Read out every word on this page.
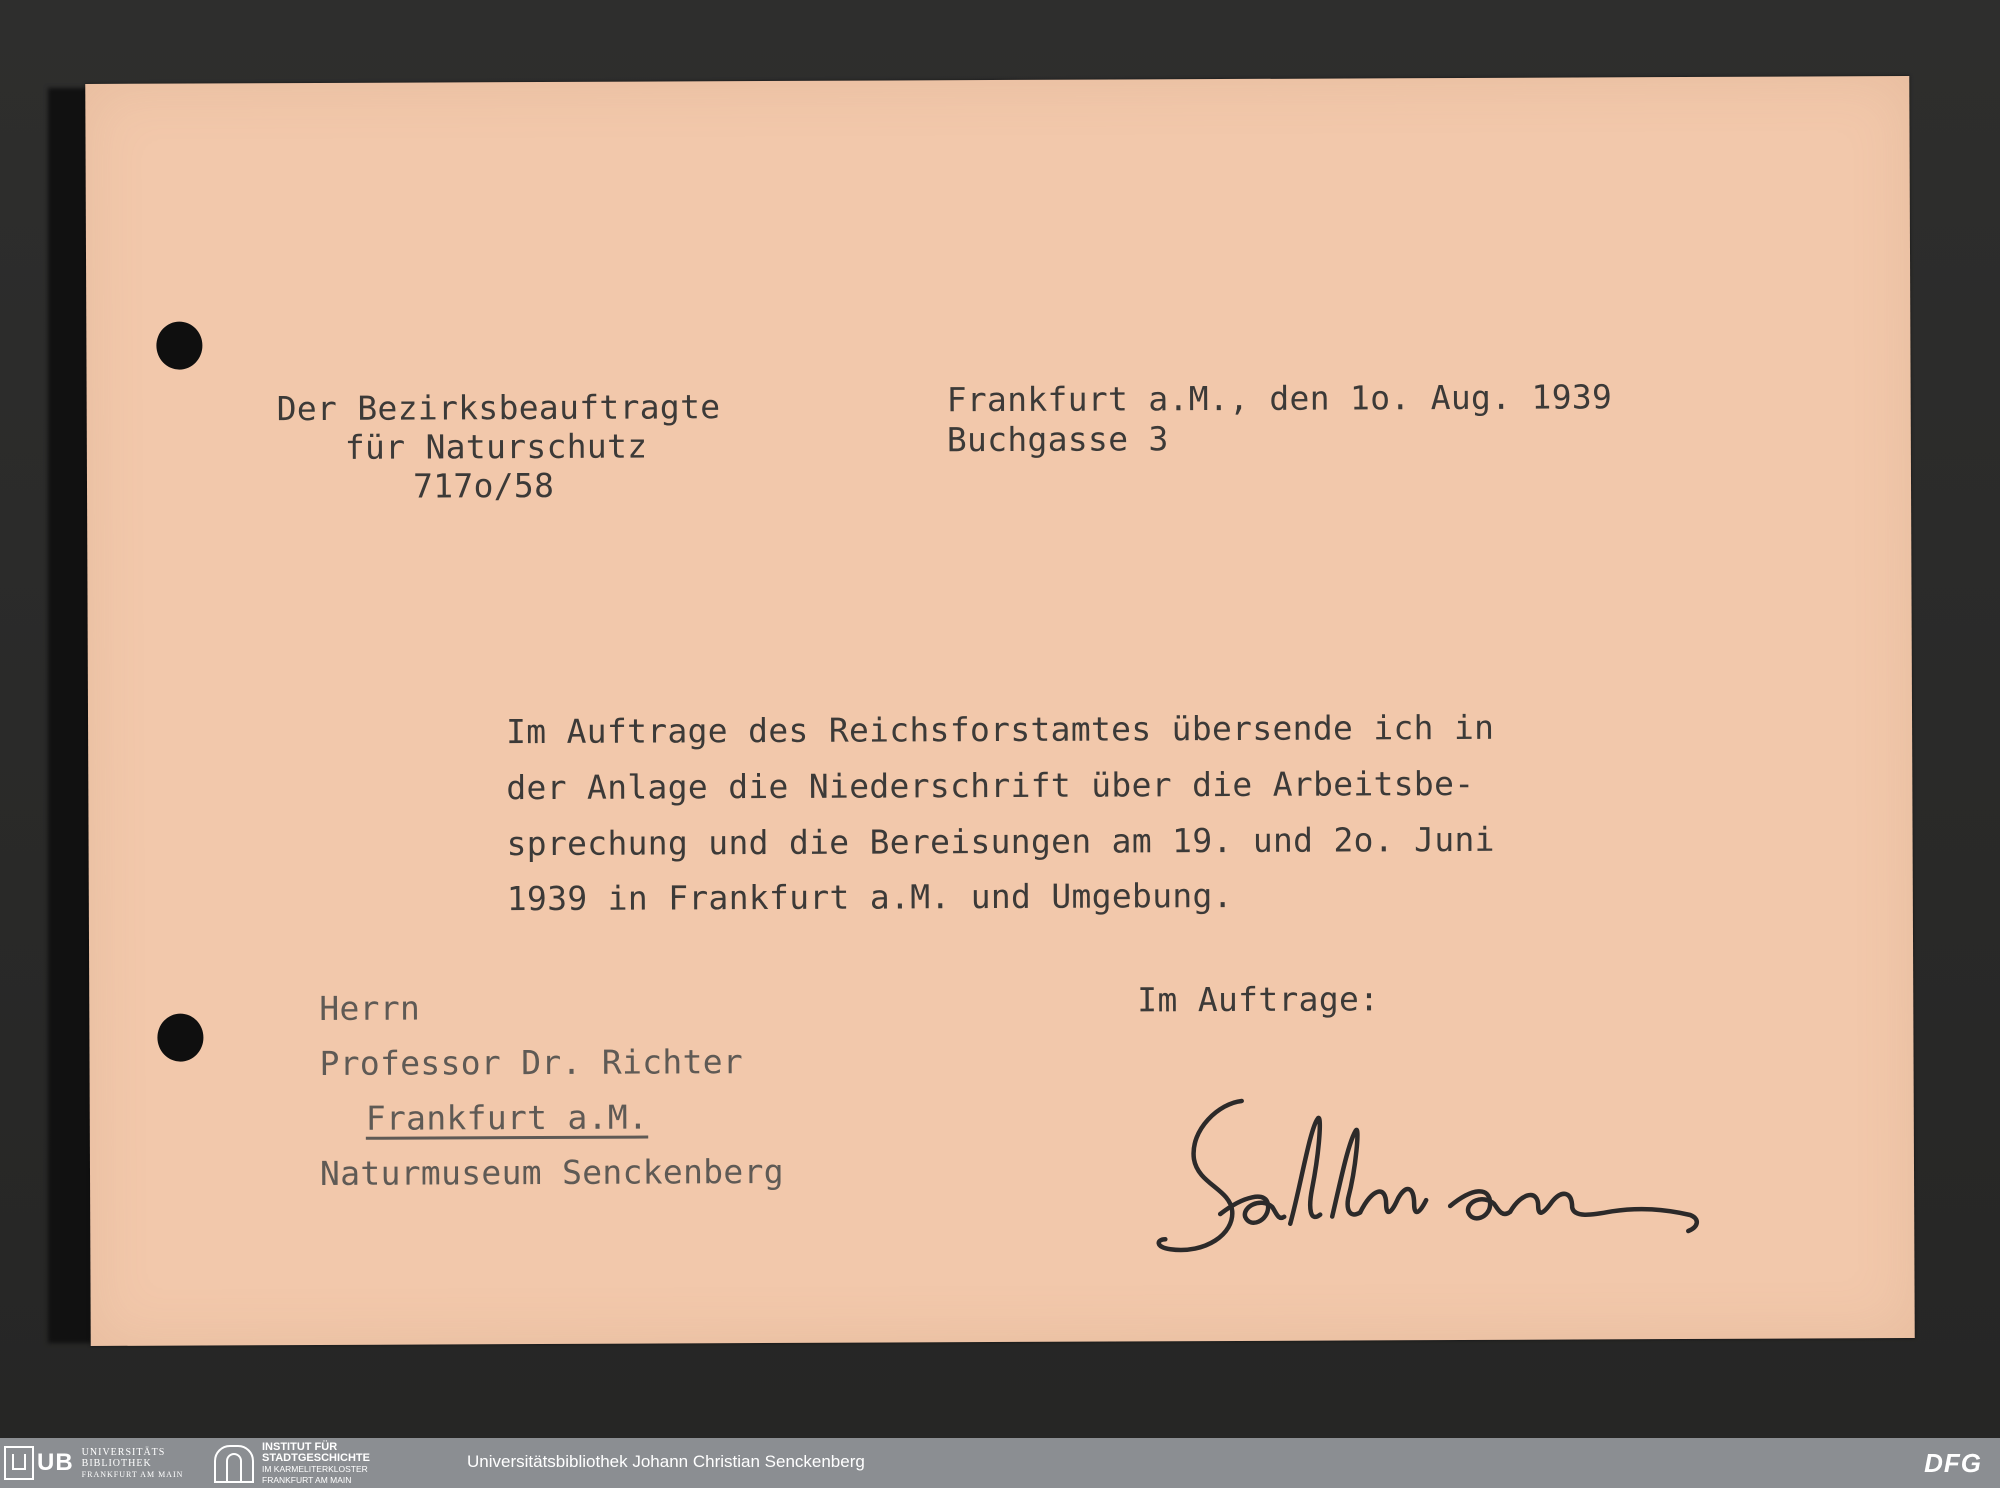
Der Bezirksbeauftragte
für Naturschutz
717o/58
Frankfurt a.M., den 1o. Aug. 1939
Buchgasse 3
Im Auftrage des Reichsforstamtes übersende ich in
der Anlage die Niederschrift über die Arbeitsbe-
sprechung und die Bereisungen am 19. und 2o. Juni
1939 in Frankfurt a.M. und Umgebung.
Herrn
Professor Dr. Richter
Frankfurt a.M.
Naturmuseum Senckenberg
Im Auftrage:
UB UNIVERSITÄTS
BIBLIOTHEK
FRANKFURT AM MAIN
INSTITUT FÜR
STADTGESCHICHTE
IM KARMELITERKLOSTER
FRANKFURT AM MAIN
Universitätsbibliothek Johann Christian Senckenberg	DFG
